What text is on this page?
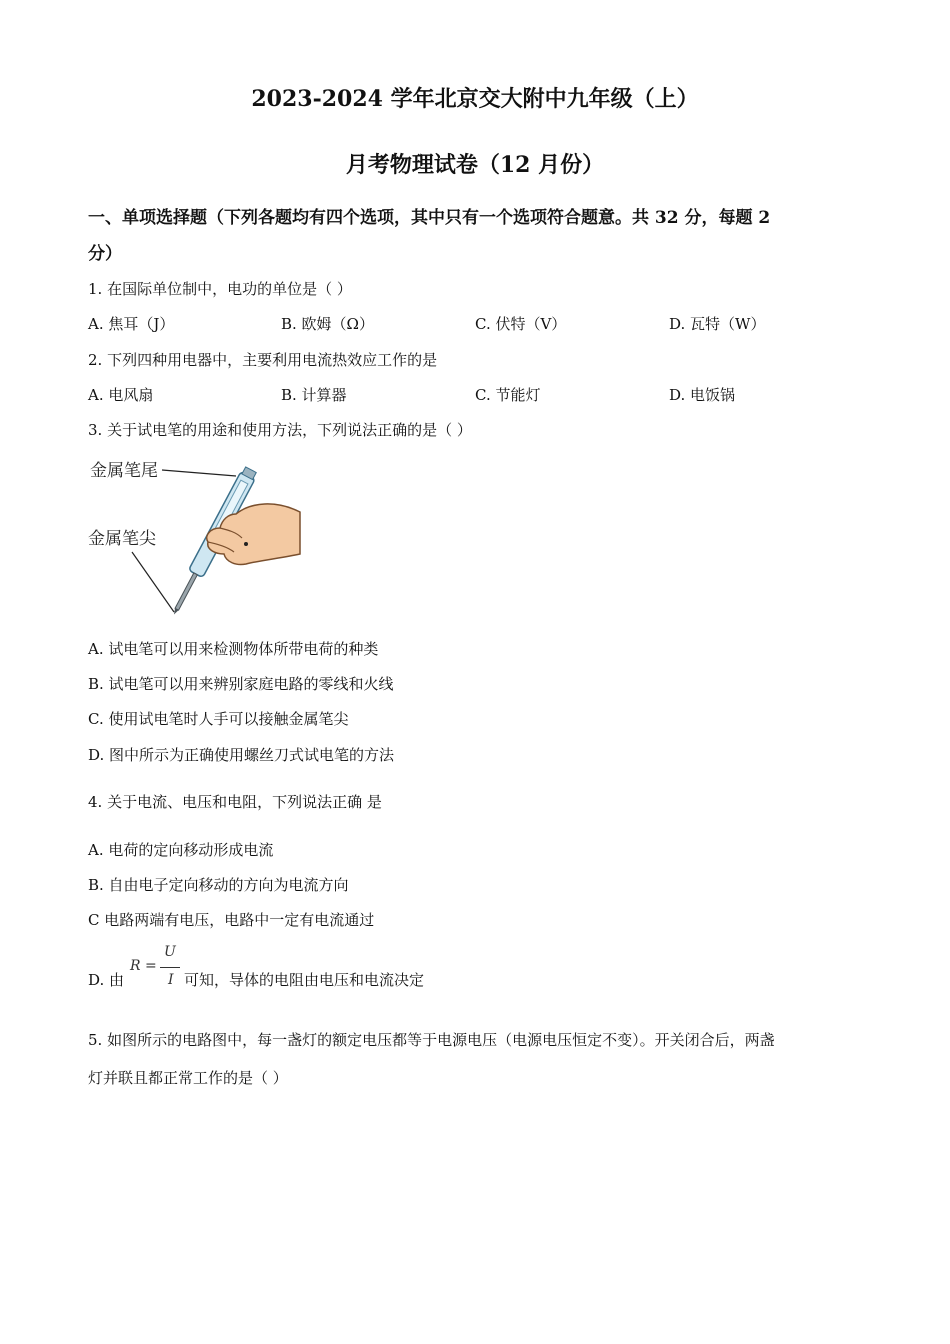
2023-2024 学年北京交大附中九年级（上）
月考物理试卷（12 月份）
一、单项选择题（下列各题均有四个选项，其中只有一个选项符合题意。共 32 分，每题 2
分）
1. 在国际单位制中，电功的单位是（ ）
A. 焦耳（J）	B. 欧姆（Ω）	C. 伏特（V）	D. 瓦特（W）
2. 下列四种用电器中，主要利用电流热效应工作的是
A. 电风扇	B. 计算器	C. 节能灯	D. 电饭锅
3. 关于试电笔的用途和使用方法，下列说法正确的是（ ）
金属笔尾
金属笔尖
A. 试电笔可以用来检测物体所带电荷的种类
B. 试电笔可以用来辨别家庭电路的零线和火线
C. 使用试电笔时人手可以接触金属笔尖
D. 图中所示为正确使用螺丝刀式试电笔的方法
4. 关于电流、电压和电阻，下列说法正确 是
A. 电荷的定向移动形成电流
B. 自由电子定向移动的方向为电流方向
C 电路两端有电压，电路中一定有电流通过
D. 由
R =
U
I 可知，导体的电阻由电压和电流决定
5. 如图所示的电路图中，每一盏灯的额定电压都等于电源电压（电源电压恒定不变）。开关闭合后，两盏
灯并联且都正常工作的是（ ）
